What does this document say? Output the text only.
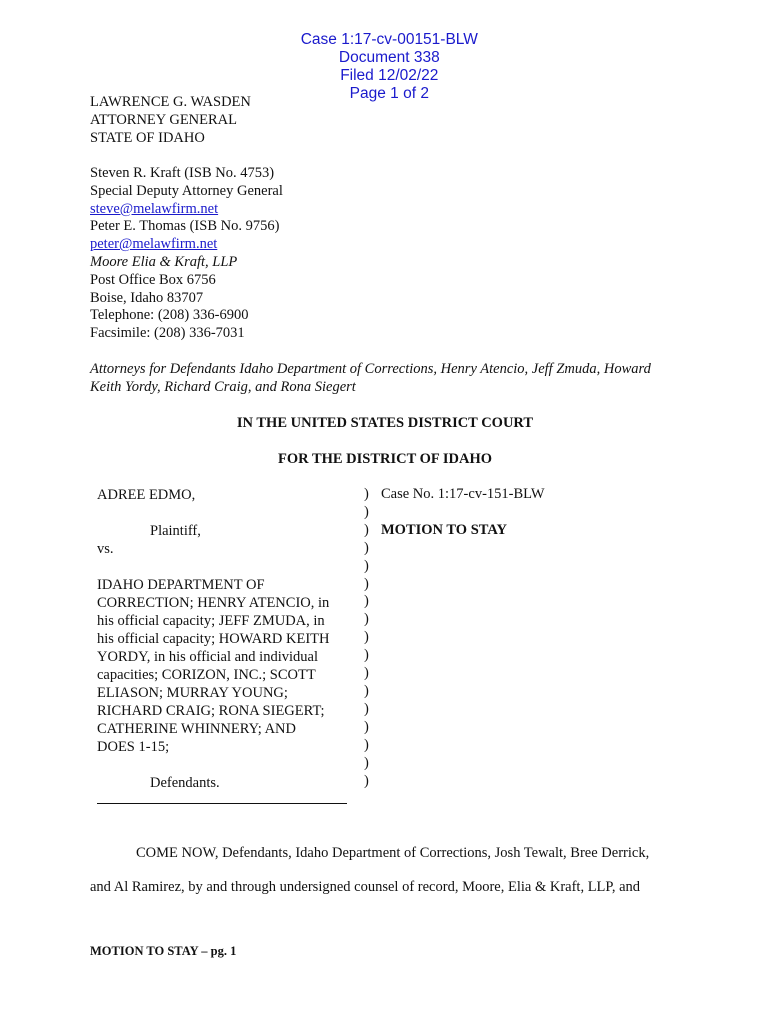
Case 1:17-cv-00151-BLW
Document 338
Filed 12/02/22
Page 1 of 2

LAWRENCE G. WASDEN
ATTORNEY GENERAL
STATE OF IDAHO
Steven R. Kraft (ISB No. 4753)
Special Deputy Attorney General
steve@melawfirm.net
Peter E. Thomas (ISB No. 9756)
peter@melawfirm.net
Moore Elia & Kraft, LLP
Post Office Box 6756
Boise, Idaho 83707
Telephone: (208) 336-6900
Facsimile: (208) 336-7031
Attorneys for Defendants Idaho Department of Corrections, Henry Atencio, Jeff Zmuda, Howard
Keith Yordy, Richard Craig, and Rona Siegert
IN THE UNITED STATES DISTRICT COURT
FOR THE DISTRICT OF IDAHO
ADREE EDMO,

Plaintiff,
vs.

IDAHO DEPARTMENT OF
CORRECTION; HENRY ATENCIO, in
his official capacity; JEFF ZMUDA, in
his official capacity; HOWARD KEITH
YORDY, in his official and individual
capacities; CORIZON, INC.; SCOTT
ELIASON; MURRAY YOUNG;
RICHARD CRAIG; RONA SIEGERT;
CATHERINE WHINNERY; AND
DOES 1-15;

Defendants.
)
)
)
)
)
)
)
)
)
)
)
)
)
)
)
)
)
Case No. 1:17-cv-151-BLW
MOTION TO STAY
COME NOW, Defendants, Idaho Department of Corrections, Josh Tewalt, Bree Derrick,
and Al Ramirez, by and through undersigned counsel of record, Moore, Elia & Kraft, LLP, and
MOTION TO STAY – pg. 1
